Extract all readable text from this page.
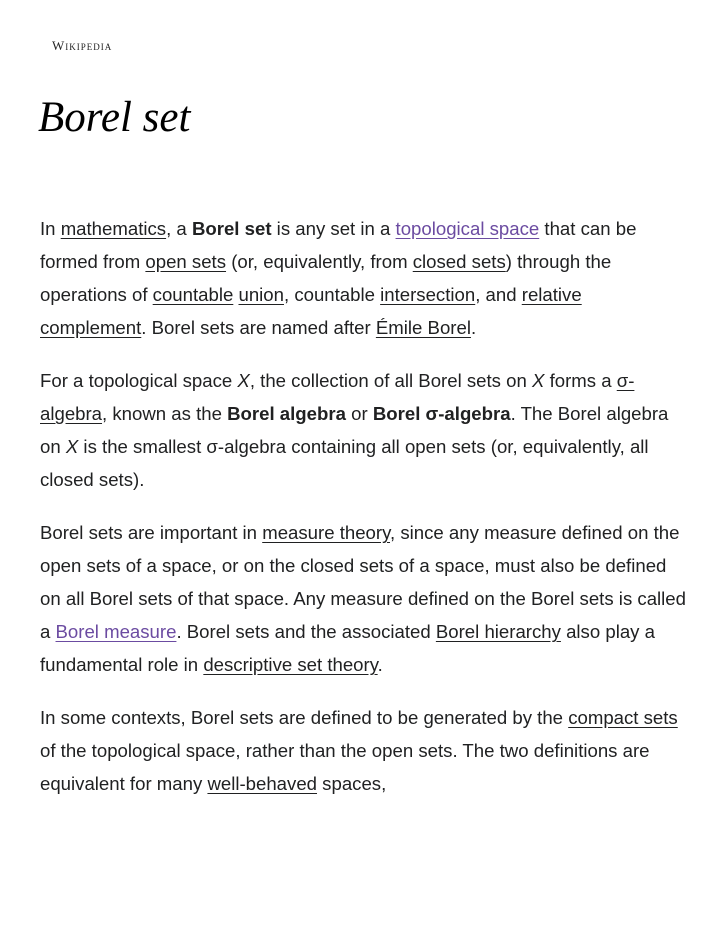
Wikipedia
Borel set

In mathematics, a Borel set is any set in a topological space that can be formed from open sets (or, equivalently, from closed sets) through the operations of countable union, countable intersection, and relative complement. Borel sets are named after Émile Borel.

For a topological space X, the collection of all Borel sets on X forms a σ-algebra, known as the Borel algebra or Borel σ-algebra. The Borel algebra on X is the smallest σ-algebra containing all open sets (or, equivalently, all closed sets).

Borel sets are important in measure theory, since any measure defined on the open sets of a space, or on the closed sets of a space, must also be defined on all Borel sets of that space. Any measure defined on the Borel sets is called a Borel measure. Borel sets and the associated Borel hierarchy also play a fundamental role in descriptive set theory.

In some contexts, Borel sets are defined to be generated by the compact sets of the topological space, rather than the open sets. The two definitions are equivalent for many well-behaved spaces,
